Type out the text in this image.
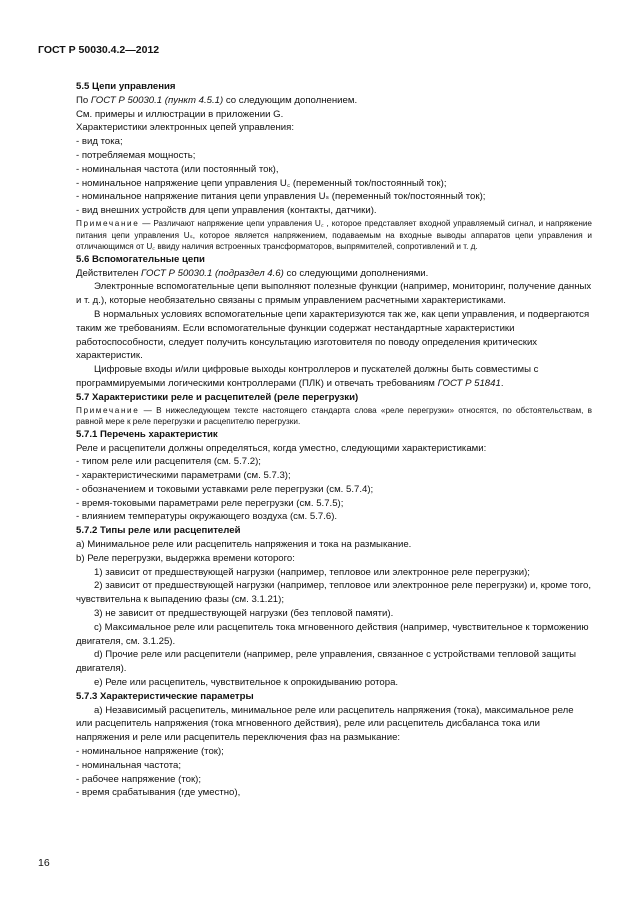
ГОСТ Р 50030.4.2—2012

5.5 Цепи управления

По ГОСТ Р 50030.1 (пункт 4.5.1) со следующим дополнением.

См. примеры и иллюстрации в приложении G.

Характеристики электронных цепей управления:

- вид тока;

- потребляемая мощность;

- номинальная частота (или постоянный ток),

- номинальное напряжение цепи управления U꜀ (переменный ток/постоянный ток);

- номинальное напряжение питания цепи управления Uₛ (переменный ток/постоянный ток);

- вид внешних устройств для цепи управления (контакты, датчики).

Примечание — Различают напряжение цепи управления U꜀ , которое представляет входной управляемый сигнал, и напряжение питания цепи управления Uₛ, которое является напряжением, подаваемым на входные выводы аппаратов цепи управления и отличающимся от U꜀ ввиду наличия встроенных трансформаторов, выпрямителей, сопротивлений и т. д.

5.6 Вспомогательные цепи

Действителен ГОСТ Р 50030.1 (подраздел 4.6) со следующими дополнениями.

Электронные вспомогательные цепи выполняют полезные функции (например, мониторинг, получение данных и т. д.), которые необязательно связаны с прямым управлением расчетными характеристиками.

В нормальных условиях вспомогательные цепи характеризуются так же, как цепи управления, и подвергаются таким же требованиям. Если вспомогательные функции содержат нестандартные характеристики работоспособности, следует получить консультацию изготовителя по поводу определения критических характеристик.

Цифровые входы и/или цифровые выходы контроллеров и пускателей должны быть совместимы с программируемыми логическими контроллерами (ПЛК) и отвечать требованиям ГОСТ Р 51841.

5.7 Характеристики реле и расцепителей (реле перегрузки)

Примечание — В нижеследующем тексте настоящего стандарта слова «реле перегрузки» относятся, по обстоятельствам, в равной мере к реле перегрузки и расцепителю перегрузки.

5.7.1 Перечень характеристик

Реле и расцепители должны определяться, когда уместно, следующими характеристиками:

- типом реле или расцепителя (см. 5.7.2);

- характеристическими параметрами (см. 5.7.3);

- обозначением и токовыми уставками реле перегрузки (см. 5.7.4);

- время-токовыми параметрами реле перегрузки (см. 5.7.5);

- влиянием температуры окружающего воздуха (см. 5.7.6).

5.7.2 Типы реле или расцепителей

а) Минимальное реле или расцепитель напряжения и тока на размыкание.

b) Реле перегрузки, выдержка времени которого:

1) зависит от предшествующей нагрузки (например, тепловое или электронное реле перегрузки);

2) зависит от предшествующей нагрузки (например, тепловое или электронное реле перегрузки) и, кроме того, чувствительна к выпадению фазы (см. 3.1.21);

3) не зависит от предшествующей нагрузки (без тепловой памяти).

с) Максимальное реле или расцепитель тока мгновенного действия (например, чувствительное к торможению двигателя, см. 3.1.25).

d) Прочие реле или расцепители (например, реле управления, связанное с устройствами тепловой защиты двигателя).

е) Реле или расцепитель, чувствительное к опрокидыванию ротора.

5.7.3 Характеристические параметры

а) Независимый расцепитель, минимальное реле или расцепитель напряжения (тока), максимальное реле или расцепитель напряжения (тока мгновенного действия), реле или расцепитель дисбаланса тока или напряжения и реле или расцепитель переключения фаз на размыкание:

- номинальное напряжение (ток);

- номинальная частота;

- рабочее напряжение (ток);

- время срабатывания (где уместно),

16
